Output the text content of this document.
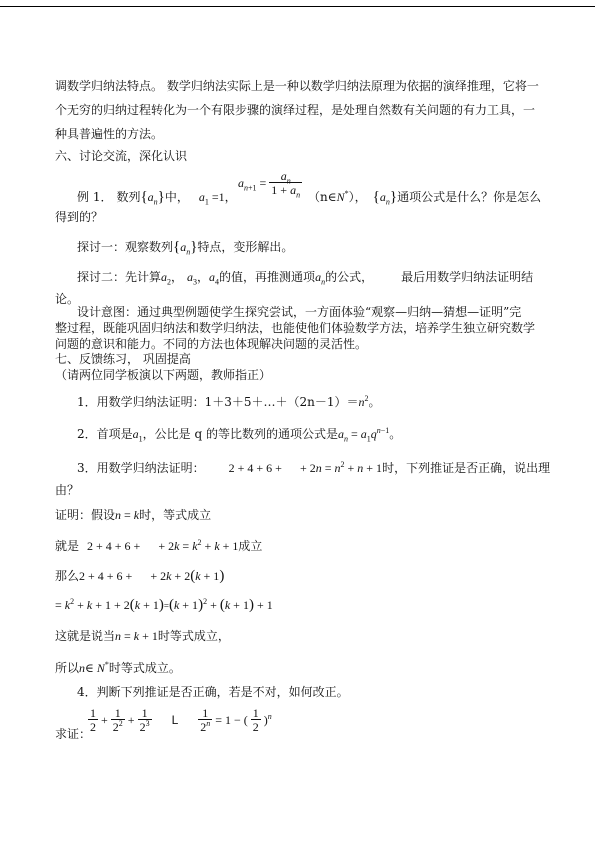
调数学归纳法特点。 数学归纳法实际上是一种以数学归纳法原理为依据的演绎推理，它将一
个无穷的归纳过程转化为一个有限步骤的演绎过程，是处理自然数有关问题的有力工具，一
种具普遍性的方法。
六、讨论交流，深化认识
例 1． 数列$\{a_n\}$中， $a_1 =1$，
$a_{n+1} = \frac{a_n}{1 + a_n}$
（n∈N*）， $\{a_n\}$通项公式是什么？你是怎么
得到的？
探讨一：观察数列$\{a_n\}$特点，变形解出。
探讨二：先计算$a_2$， $a_3$，$a_4$的值，再推测通项$a_n$的公式， 最后用数学归纳法证明结
论。
设计意图：通过典型例题使学生探究尝试，一方面体验“观察—归纳—猜想—证明”完
整过程，既能巩固归纳法和数学归纳法，也能使他们体验数学方法，培养学生独立研究数学
问题的意识和能力。不同的方法也体现解决问题的灵活性。
七、反馈练习， 巩固提高
（请两位同学板演以下两题，教师指正）
1．用数学归纳法证明：$1+3+5+\dots+(2n-1)=n^2$。
2．首项是$a_1$，公比是 q 的等比数列的通项公式是$a_n = a_1q^{n-1}$。
3．用数学归纳法证明： 2 + 4 + 6 +      + $2n = n^2 + n + 1$时，下列推证是否正确，说出理
由？
证明：假设n = k时，等式成立
就是 2 + 4 + 6 +      + $2k = k^2 + k + 1$成立
那么2 + 4 + 6 +      + 2k + 2(k + 1)
= $k^2 + k + 1 + 2(k + 1)=(k + 1)^2 + (k + 1) + 1$
这就是说当n = k + 1时等式成立，
所以n∈ N*时等式成立。
4．判断下列推证是否正确，若是不对，如何改正。
求证：
$\frac{1}{2} + \frac{1}{2^2} + \frac{1}{2^3}$ L $\frac{1}{2^n} = 1$ − ( $\frac{1}{2} )^n$
